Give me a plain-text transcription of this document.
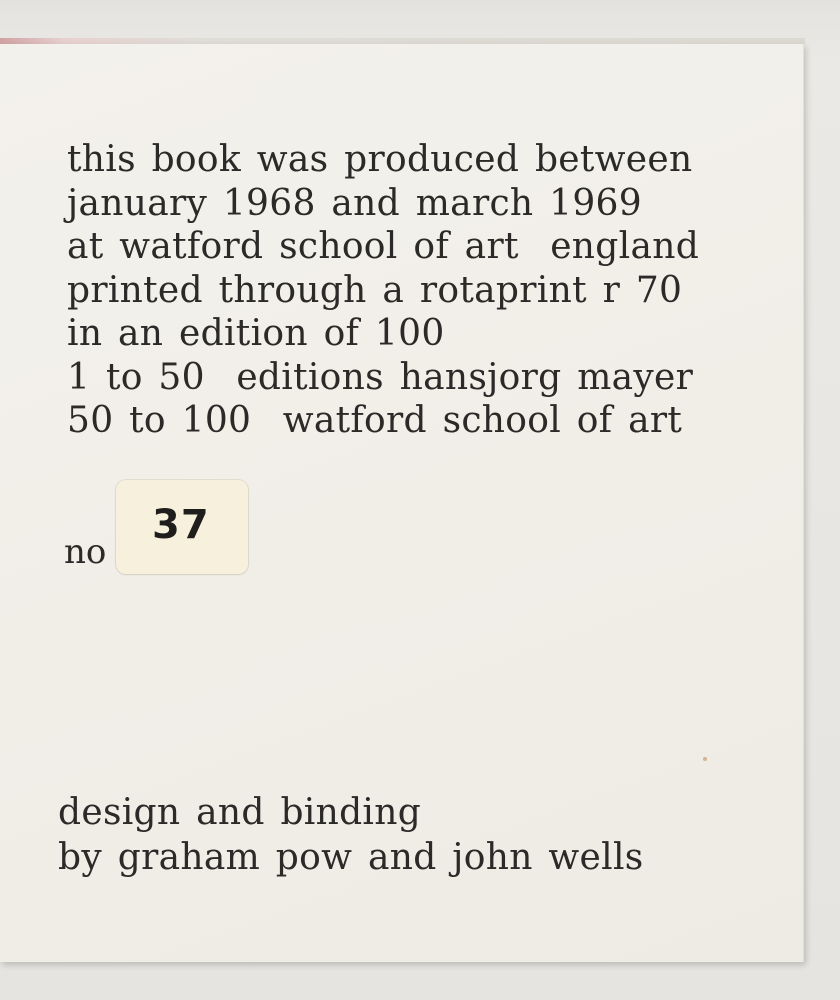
this book was produced between
january 1968 and march 1969
at watford school of art  england
printed through a rotaprint r 70
in an edition of 100
1 to 50  editions hansjorg mayer
50 to 100  watford school of art
no
37
design and binding
by graham pow and john wells
